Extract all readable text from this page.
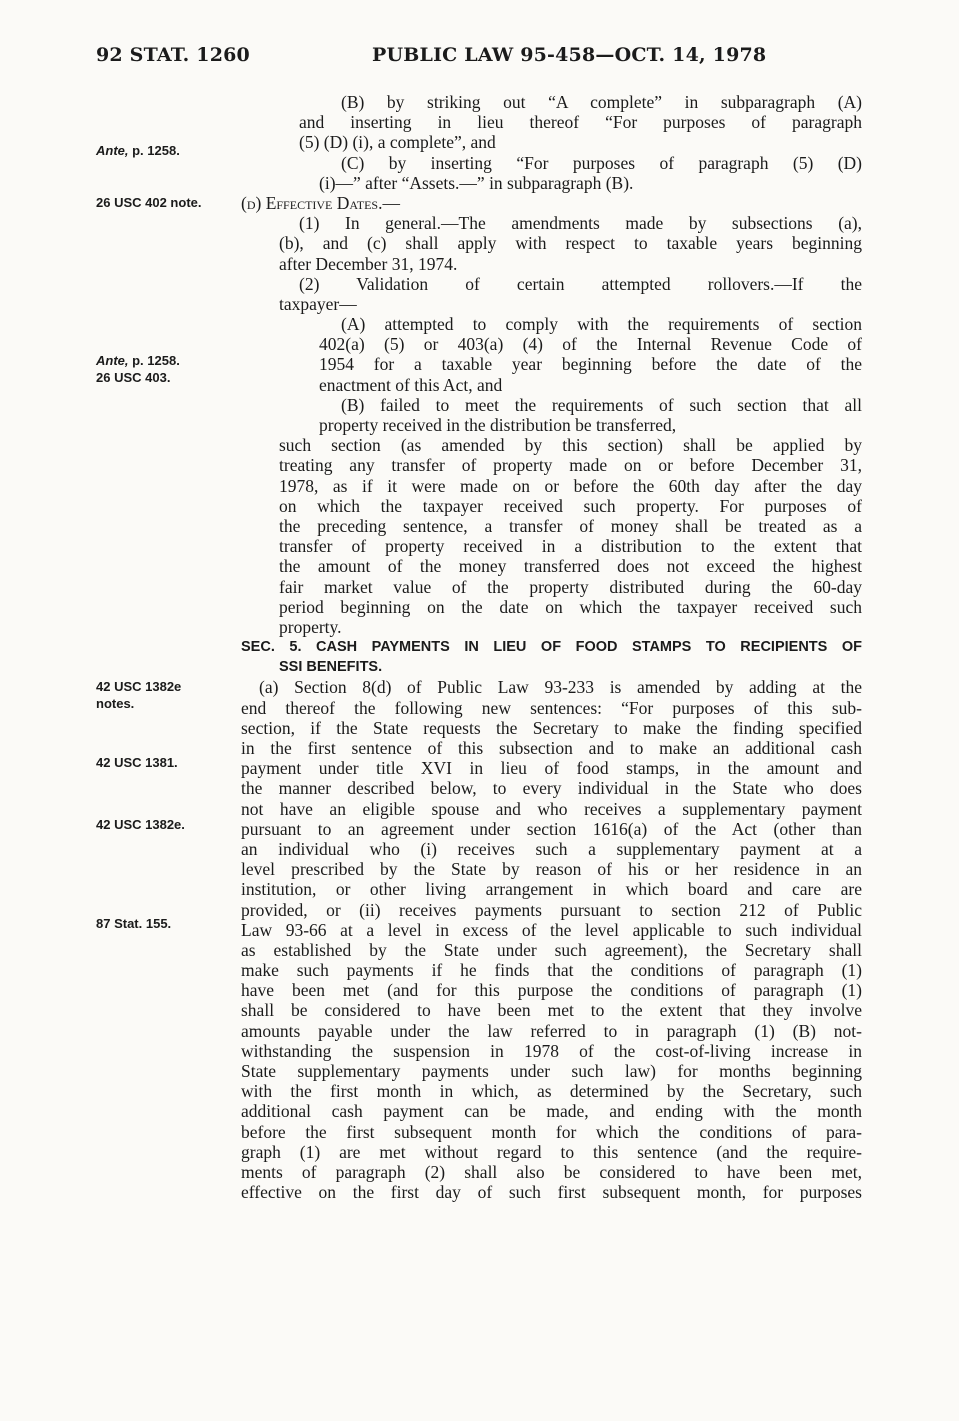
92 STAT. 1260	PUBLIC LAW 95-458—OCT. 14, 1978
Ante, p. 1258.
26 USC 402 note.
Ante, p. 1258.
26 USC 403.
42 USC 1382e
notes.
42 USC 1381.
42 USC 1382e.
87 Stat. 155.
(B) by striking out “A complete” in subparagraph (A)
and inserting in lieu thereof “For purposes of paragraph
(5) (D) (i), a complete”, and
(C) by inserting “For purposes of paragraph (5) (D)
(i)—” after “Assets.—” in subparagraph (B).
(d) Effective Dates.—
(1) In general.—The amendments made by subsections (a),
(b), and (c) shall apply with respect to taxable years beginning
after December 31, 1974.
(2) Validation of certain attempted rollovers.—If the
taxpayer—
(A) attempted to comply with the requirements of section
402(a) (5) or 403(a) (4) of the Internal Revenue Code of
1954 for a taxable year beginning before the date of the
enactment of this Act, and
(B) failed to meet the requirements of such section that all
property received in the distribution be transferred,
such section (as amended by this section) shall be applied by
treating any transfer of property made on or before December 31,
1978, as if it were made on or before the 60th day after the day
on which the taxpayer received such property. For purposes of
the preceding sentence, a transfer of money shall be treated as a
transfer of property received in a distribution to the extent that
the amount of the money transferred does not exceed the highest
fair market value of the property distributed during the 60-day
period beginning on the date on which the taxpayer received such
property.
SEC. 5. CASH PAYMENTS IN LIEU OF FOOD STAMPS TO RECIPIENTS OF
SSI BENEFITS.
(a) Section 8(d) of Public Law 93-233 is amended by adding at the
end thereof the following new sentences: “For purposes of this sub-
section, if the State requests the Secretary to make the finding specified
in the first sentence of this subsection and to make an additional cash
payment under title XVI in lieu of food stamps, in the amount and
the manner described below, to every individual in the State who does
not have an eligible spouse and who receives a supplementary payment
pursuant to an agreement under section 1616(a) of the Act (other than
an individual who (i) receives such a supplementary payment at a
level prescribed by the State by reason of his or her residence in an
institution, or other living arrangement in which board and care are
provided, or (ii) receives payments pursuant to section 212 of Public
Law 93-66 at a level in excess of the level applicable to such individual
as established by the State under such agreement), the Secretary shall
make such payments if he finds that the conditions of paragraph (1)
have been met (and for this purpose the conditions of paragraph (1)
shall be considered to have been met to the extent that they involve
amounts payable under the law referred to in paragraph (1) (B) not-
withstanding the suspension in 1978 of the cost-of-living increase in
State supplementary payments under such law) for months beginning
with the first month in which, as determined by the Secretary, such
additional cash payment can be made, and ending with the month
before the first subsequent month for which the conditions of para-
graph (1) are met without regard to this sentence (and the require-
ments of paragraph (2) shall also be considered to have been met,
effective on the first day of such first subsequent month, for purposes
